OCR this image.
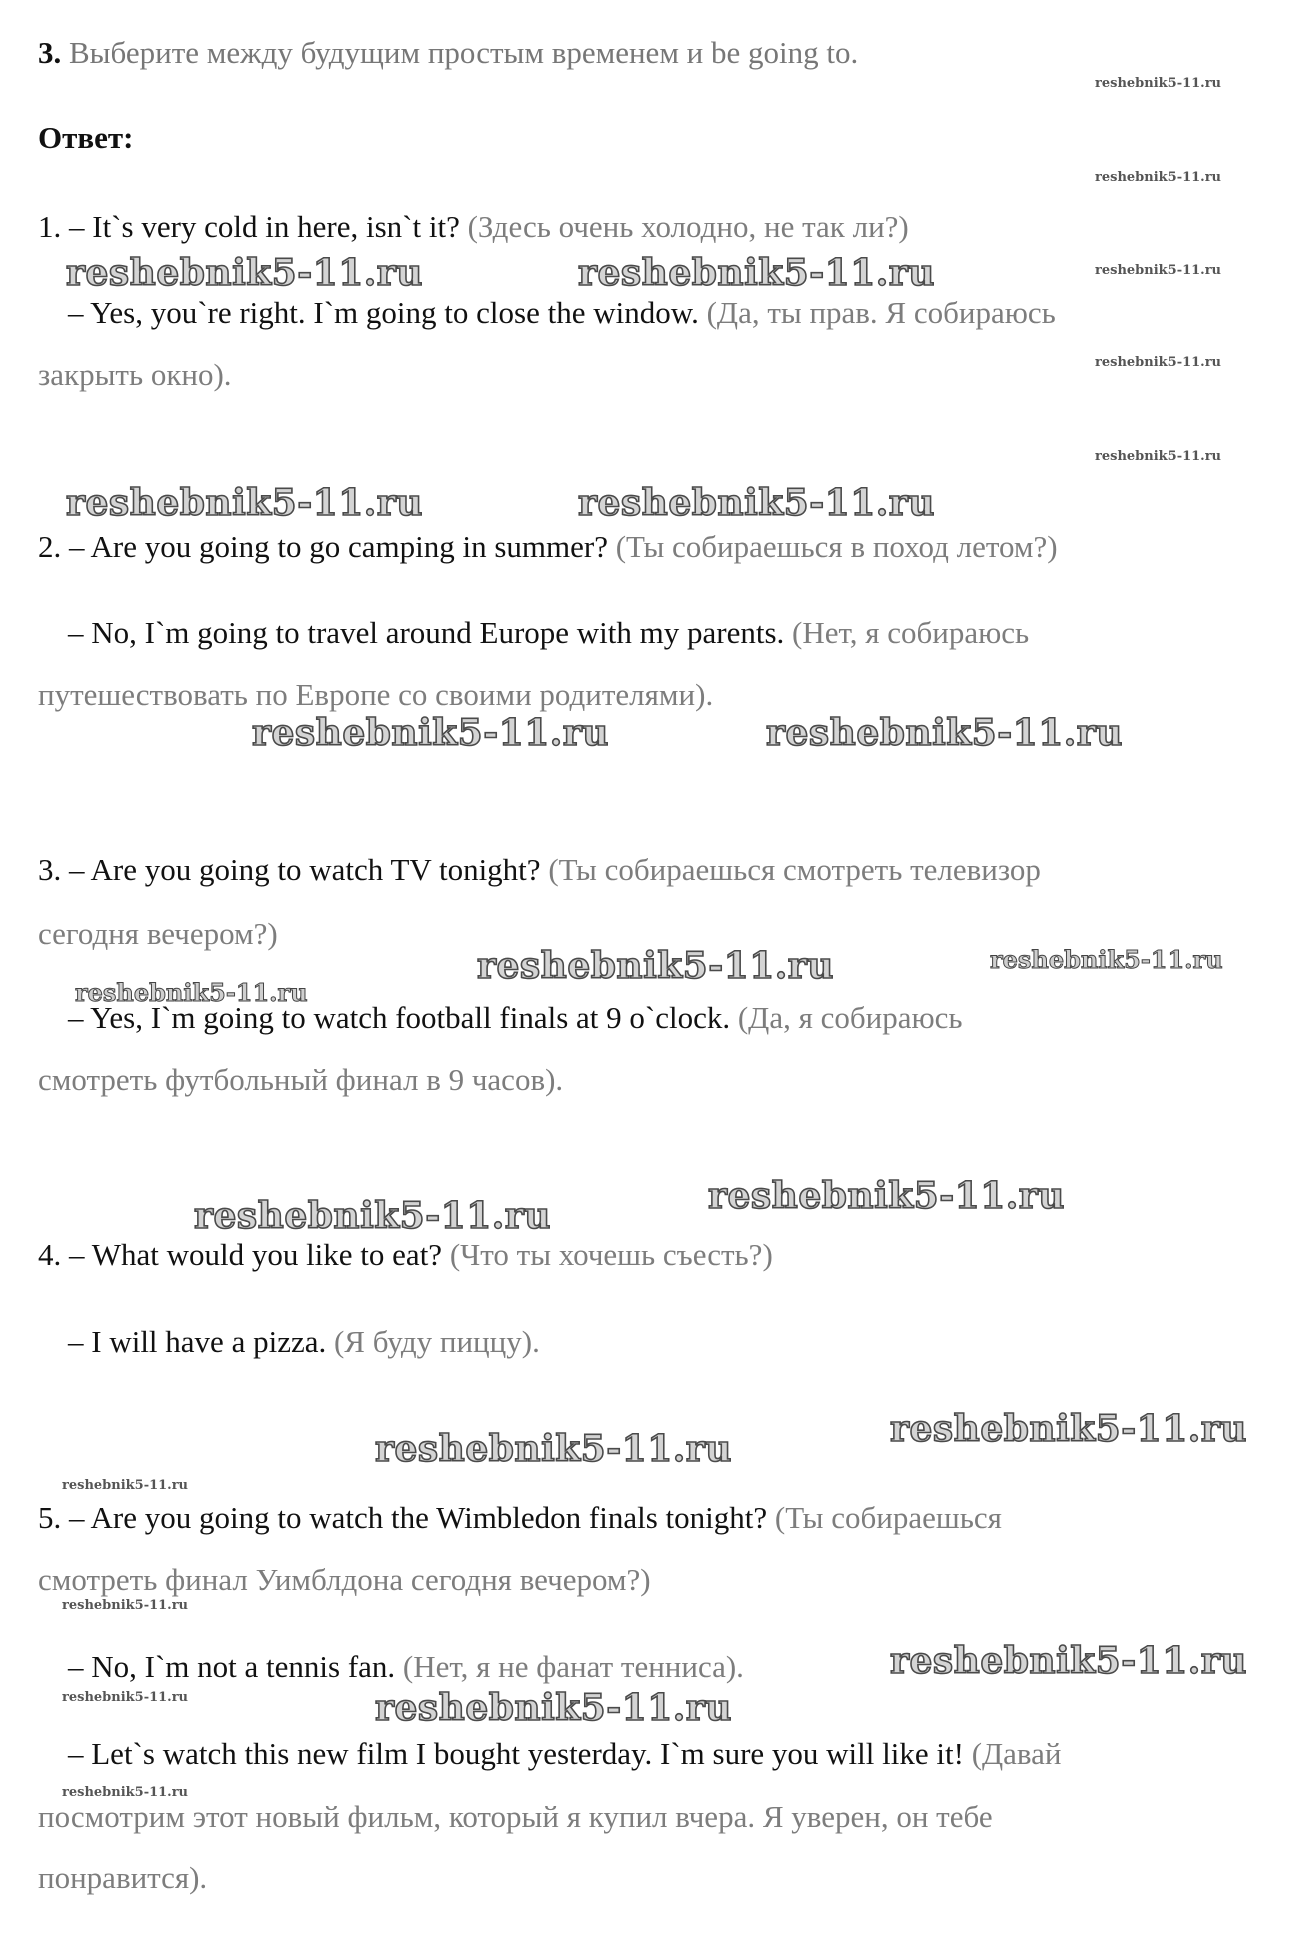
3. Выберите между будущим простым временем и be going to.
Ответ:
1. – It`s very cold in here, isn`t it? (Здесь очень холодно, не так ли?)
– Yes, you`re right. I`m going to close the window. (Да, ты прав. Я собираюсь
закрыть окно).
2. – Are you going to go camping in summer? (Ты собираешься в поход летом?)
– No, I`m going to travel around Europe with my parents. (Нет, я собираюсь
путешествовать по Европе со своими родителями).
3. – Are you going to watch TV tonight? (Ты собираешься смотреть телевизор
сегодня вечером?)
– Yes, I`m going to watch football finals at 9 o`clock. (Да, я собираюсь
смотреть футбольный финал в 9 часов).
4. – What would you like to eat? (Что ты хочешь съесть?)
– I will have a pizza. (Я буду пиццу).
5. – Are you going to watch the Wimbledon finals tonight? (Ты собираешься
смотреть финал Уимблдона сегодня вечером?)
– No, I`m not a tennis fan. (Нет, я не фанат тенниса).
– Let`s watch this new film I bought yesterday. I`m sure you will like it! (Давай
посмотрим этот новый фильм, который я купил вчера. Я уверен, он тебе
понравится).
reshebnik5-11.ru
reshebnik5-11.ru
reshebnik5-11.ru
reshebnik5-11.ru
reshebnik5-11.ru
reshebnik5-11.ru	reshebnik5-11.ru
reshebnik5-11.ru	reshebnik5-11.ru
reshebnik5-11.ru	reshebnik5-11.ru
reshebnik5-11.ru
reshebnik5-11.ru	reshebnik5-11.ru
reshebnik5-11.ru	reshebnik5-11.ru
reshebnik5-11.ru
reshebnik5-11.ru
reshebnik5-11.ru
reshebnik5-11.ru
reshebnik5-11.ru
reshebnik5-11.ru
reshebnik5-11.ru
reshebnik5-11.ru
